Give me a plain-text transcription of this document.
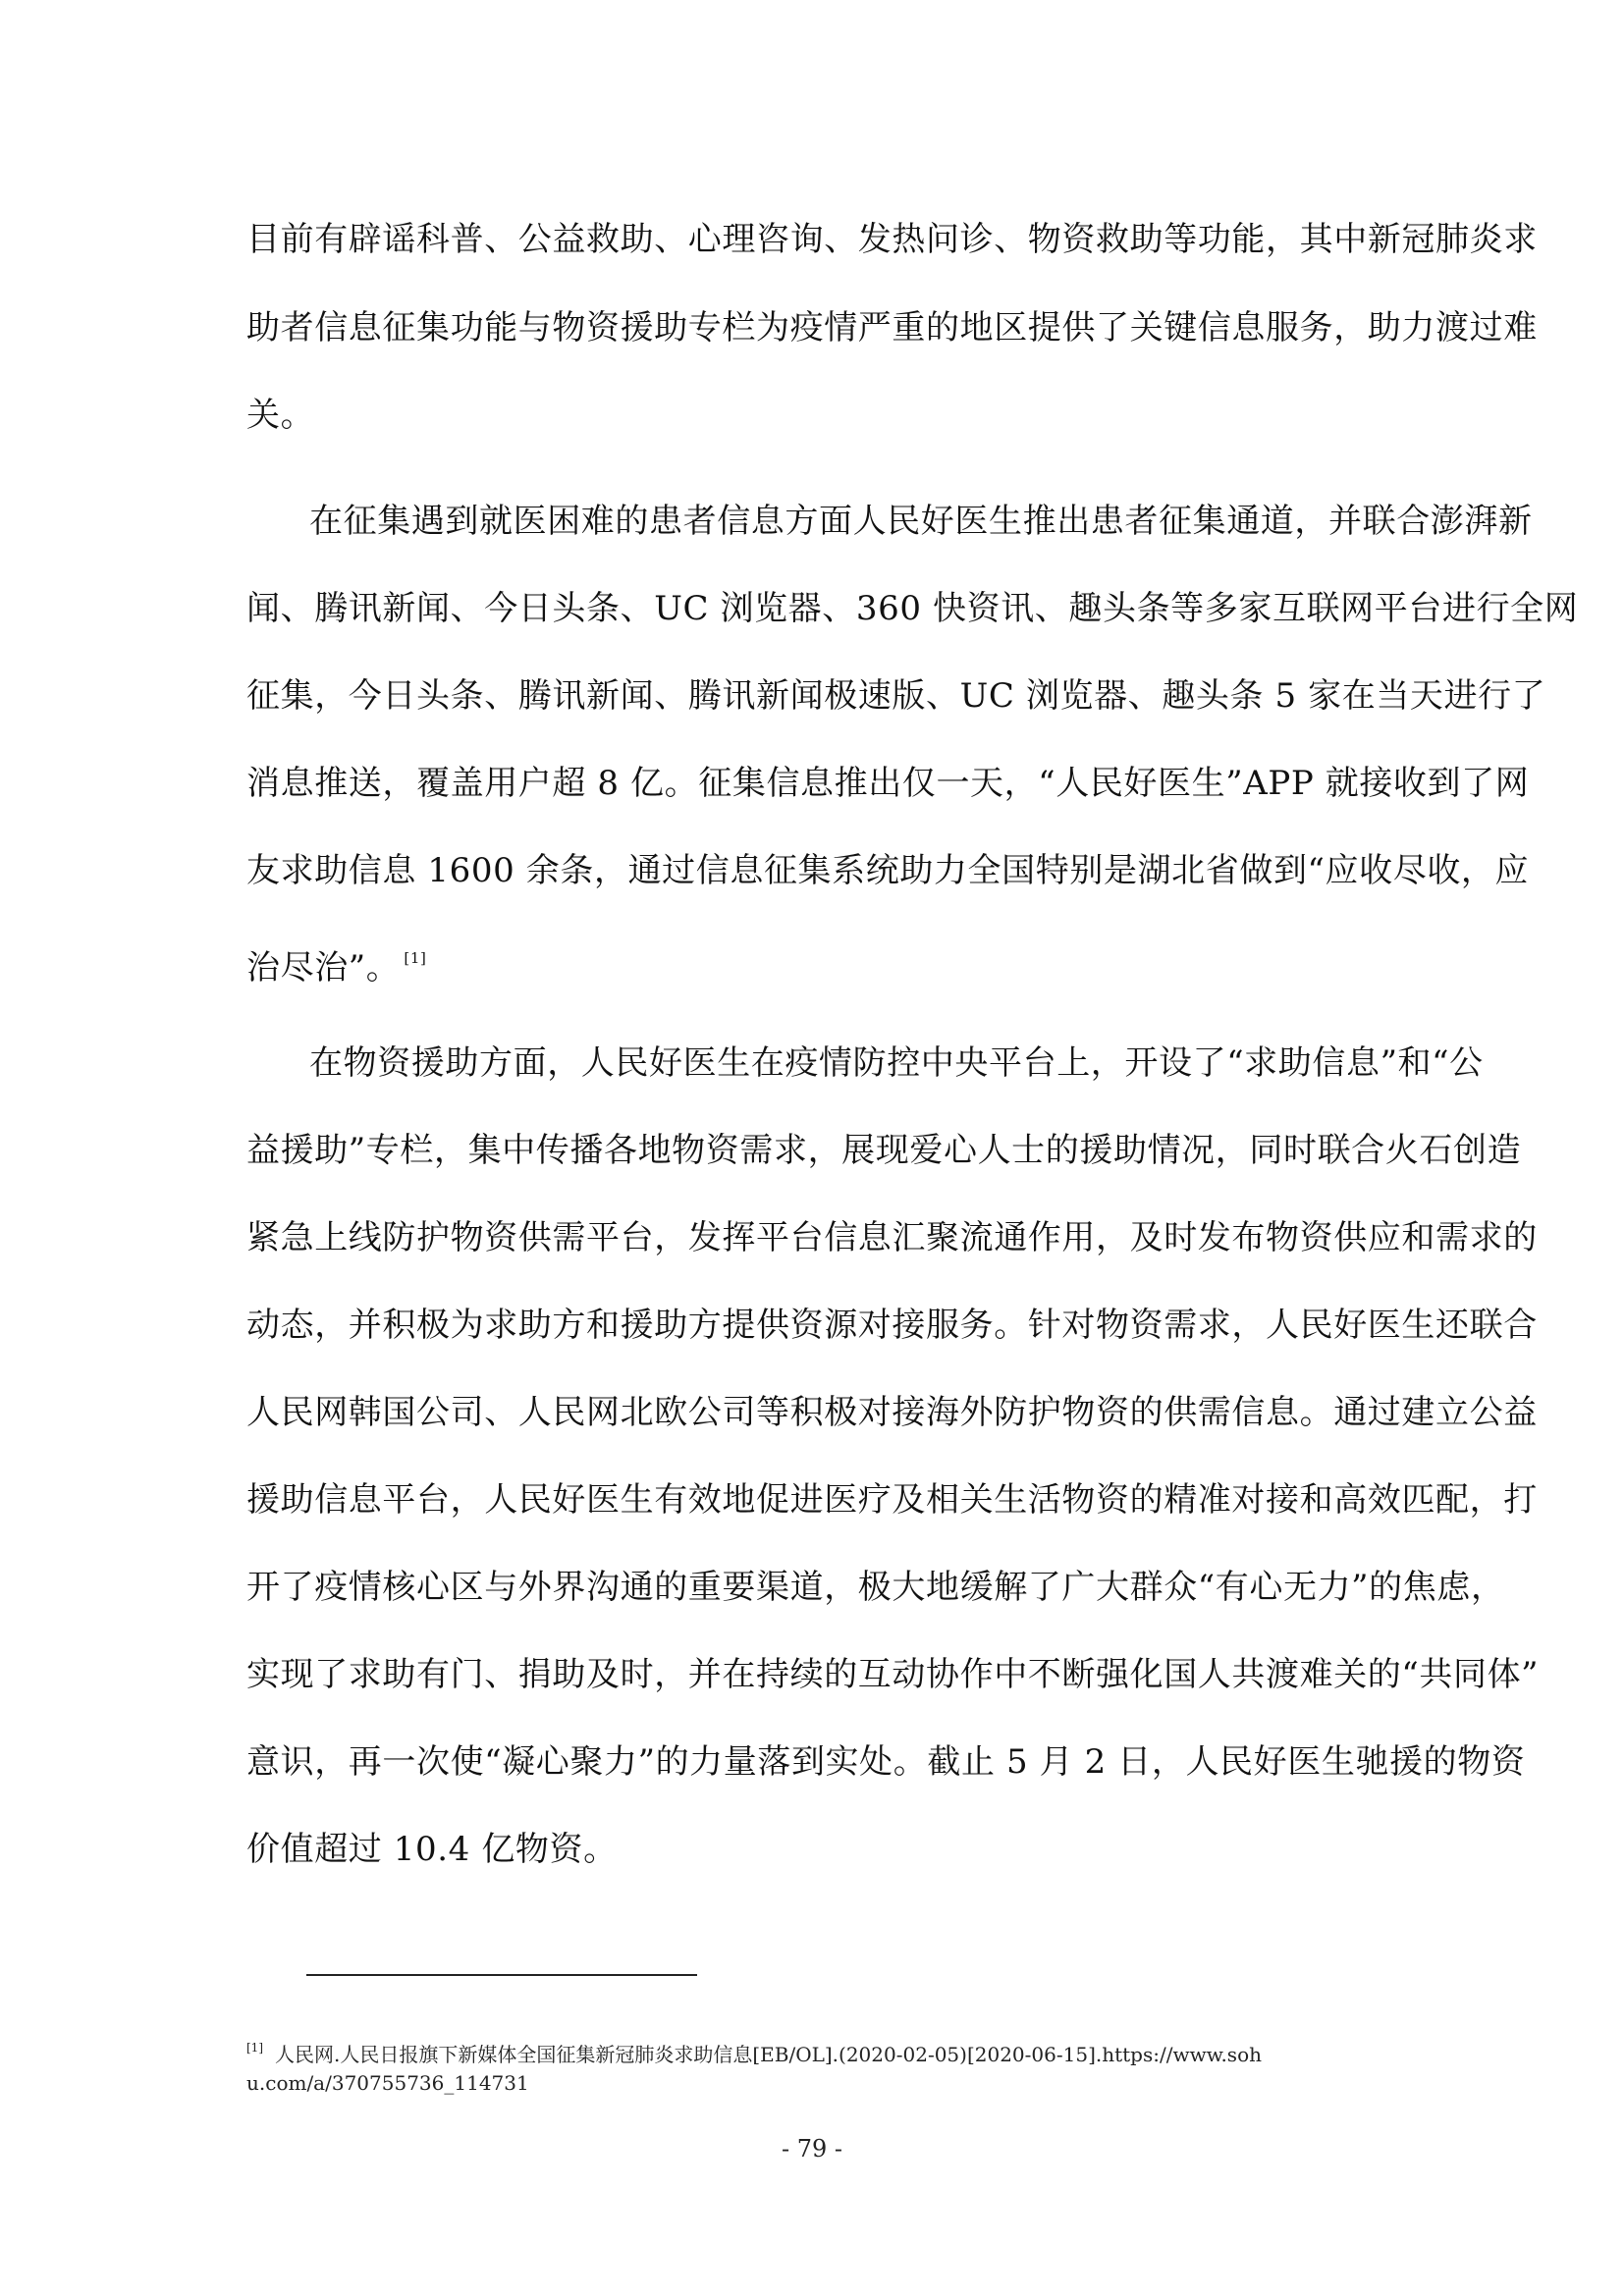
目前有辟谣科普、公益救助、心理咨询、发热问诊、物资救助等功能，其中新冠肺炎求

助者信息征集功能与物资援助专栏为疫情严重的地区提供了关键信息服务，助力渡过难

关。

在征集遇到就医困难的患者信息方面人民好医生推出患者征集通道，并联合澎湃新

闻、腾讯新闻、今日头条、UC 浏览器、360 快资讯、趣头条等多家互联网平台进行全网

征集，今日头条、腾讯新闻、腾讯新闻极速版、UC 浏览器、趣头条 5 家在当天进行了

消息推送，覆盖用户超 8 亿。征集信息推出仅一天，“人民好医生”APP 就接收到了网

友求助信息 1600 余条，通过信息征集系统助力全国特别是湖北省做到“应收尽收，应

治尽治”。 [1]

在物资援助方面，人民好医生在疫情防控中央平台上，开设了“求助信息”和“公

益援助”专栏，集中传播各地物资需求，展现爱心人士的援助情况，同时联合火石创造

紧急上线防护物资供需平台，发挥平台信息汇聚流通作用，及时发布物资供应和需求的

动态，并积极为求助方和援助方提供资源对接服务。针对物资需求，人民好医生还联合

人民网韩国公司、人民网北欧公司等积极对接海外防护物资的供需信息。通过建立公益

援助信息平台，人民好医生有效地促进医疗及相关生活物资的精准对接和高效匹配，打

开了疫情核心区与外界沟通的重要渠道，极大地缓解了广大群众“有心无力”的焦虑，

实现了求助有门、捐助及时，并在持续的互动协作中不断强化国人共渡难关的“共同体”

意识，再一次使“凝心聚力”的力量落到实处。截止 5 月 2 日，人民好医生驰援的物资

价值超过 10.4 亿物资。

[1] 人民网.人民日报旗下新媒体全国征集新冠肺炎求助信息[EB/OL].(2020-02-05)[2020-06-15].https://www.soh
u.com/a/370755736_114731
- 79 -
